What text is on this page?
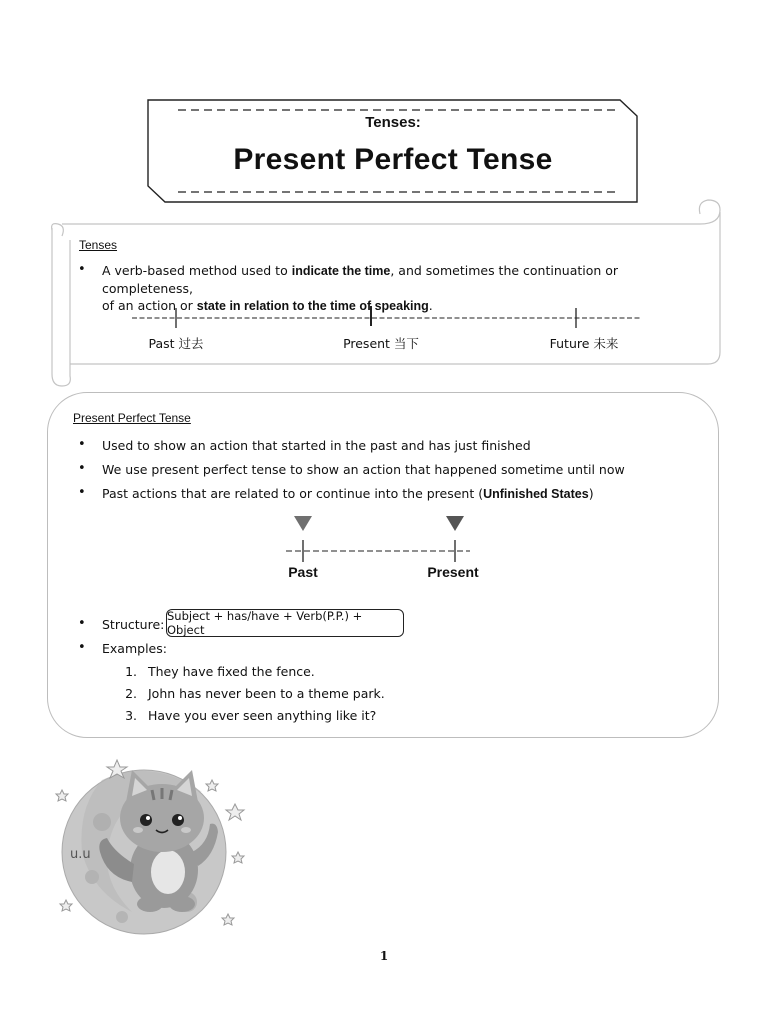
Tenses:
Present Perfect Tense
Tenses
• A verb-based method used to indicate the time, and sometimes the continuation or completeness,
of an action or state in relation to the time of speaking.
Past 过去	Present 当下	Future 未来
Present Perfect Tense
• Used to show an action that started in the past and has just finished
• We use present perfect tense to show an action that happened sometime until now
• Past actions that are related to or continue into the present (Unfinished States)
Past	Present
• Structure:
Subject + has/have + Verb(P.P.) + Object
• Examples:
1. They have fixed the fence.
2. John has never been to a theme park.
3. Have you ever seen anything like it?
u.u
1
